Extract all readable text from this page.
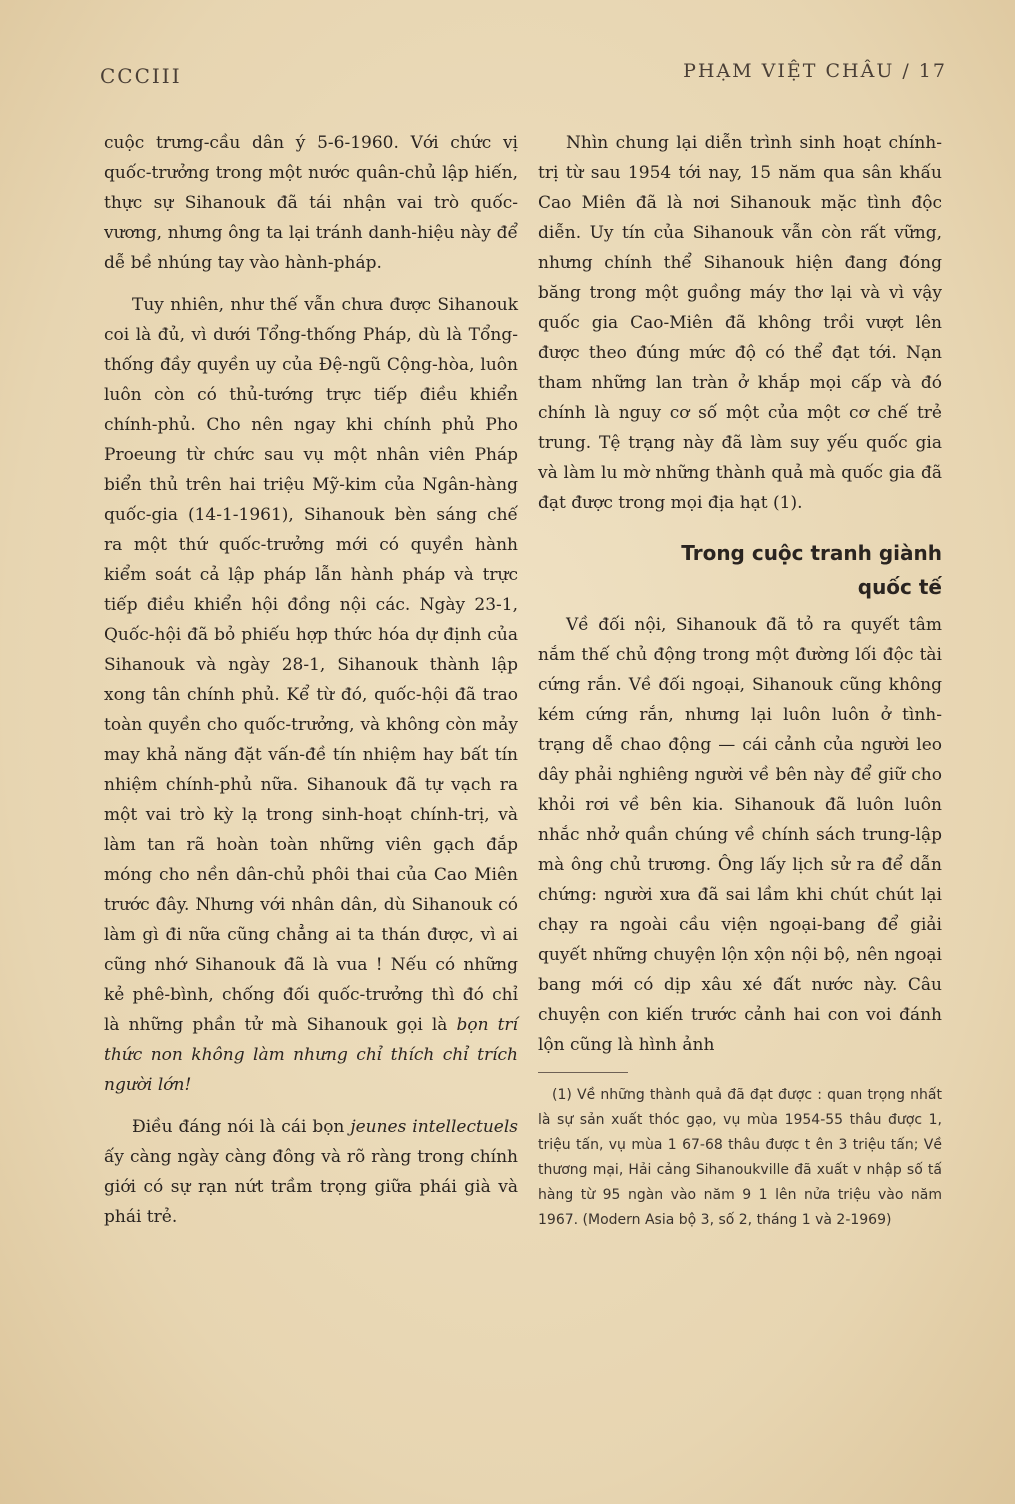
CCCIII	PHẠM VIỆT CHÂU / 17

cuộc trưng-cầu dân ý 5-6-1960. Với chức vị quốc-trưởng trong một nước quân-chủ lập hiến, thực sự Sihanouk đã tái nhận vai trò quốc-vương, nhưng ông ta lại tránh danh-hiệu này để dễ bề nhúng tay vào hành-pháp.

Tuy nhiên, như thế vẫn chưa được Sihanouk coi là đủ, vì dưới Tổng-thống Pháp, dù là Tổng-thống đầy quyền uy của Đệ-ngũ Cộng-hòa, luôn luôn còn có thủ-tướng trực tiếp điều khiển chính-phủ. Cho nên ngay khi chính phủ Pho Proeung từ chức sau vụ một nhân viên Pháp biển thủ trên hai triệu Mỹ-kim của Ngân-hàng quốc-gia (14-1-1961), Sihanouk bèn sáng chế ra một thứ quốc-trưởng mới có quyền hành kiểm soát cả lập pháp lẫn hành pháp và trực tiếp điều khiển hội đồng nội các. Ngày 23-1, Quốc-hội đã bỏ phiếu hợp thức hóa dự định của Sihanouk và ngày 28-1, Sihanouk thành lập xong tân chính phủ. Kể từ đó, quốc-hội đã trao toàn quyền cho quốc-trưởng, và không còn mảy may khả năng đặt vấn-đề tín nhiệm hay bất tín nhiệm chính-phủ nữa. Sihanouk đã tự vạch ra một vai trò kỳ lạ trong sinh-hoạt chính-trị, và làm tan rã hoàn toàn những viên gạch đắp móng cho nền dân-chủ phôi thai của Cao Miên trước đây. Nhưng với nhân dân, dù Sihanouk có làm gì đi nữa cũng chẳng ai ta thán được, vì ai cũng nhớ Sihanouk đã là vua ! Nếu có những kẻ phê-bình, chống đối quốc-trưởng thì đó chỉ là những phần tử mà Sihanouk gọi là bọn trí thức non không làm nhưng chỉ thích chỉ trích người lớn!

Điều đáng nói là cái bọn jeunes intellectuels ấy càng ngày càng đông và rõ ràng trong chính giới có sự rạn nứt trầm trọng giữa phái già và phái trẻ.

Nhìn chung lại diễn trình sinh hoạt chính-trị từ sau 1954 tới nay, 15 năm qua sân khấu Cao Miên đã là nơi Sihanouk mặc tình độc diễn. Uy tín của Sihanouk vẫn còn rất vững, nhưng chính thể Sihanouk hiện đang đóng băng trong một guồng máy thơ lại và vì vậy quốc gia Cao-Miên đã không trồi vượt lên được theo đúng mức độ có thể đạt tới. Nạn tham những lan tràn ở khắp mọi cấp và đó chính là nguy cơ số một của một cơ chế trẻ trung. Tệ trạng này đã làm suy yếu quốc gia và làm lu mờ những thành quả mà quốc gia đã đạt được trong mọi địa hạt (1).

Trong cuộc tranh giành
quốc tế

Về đối nội, Sihanouk đã tỏ ra quyết tâm nắm thế chủ động trong một đường lối độc tài cứng rắn. Về đối ngoại, Sihanouk cũng không kém cứng rắn, nhưng lại luôn luôn ở tình-trạng dễ chao động — cái cảnh của người leo dây phải nghiêng người về bên này để giữ cho khỏi rơi về bên kia. Sihanouk đã luôn luôn nhắc nhở quần chúng về chính sách trung-lập mà ông chủ trương. Ông lấy lịch sử ra để dẫn chứng: người xưa đã sai lầm khi chút chút lại chạy ra ngoài cầu viện ngoại-bang để giải quyết những chuyện lộn xộn nội bộ, nên ngoại bang mới có dịp xâu xé đất nước này. Câu chuyện con kiến trước cảnh hai con voi đánh lộn cũng là hình ảnh

(1) Về những thành quả đã đạt được : quan trọng nhất là sự sản xuất thóc gạo, vụ mùa 1954-55 thâu được 1, triệu tấn, vụ mùa 1 67-68 thâu được t ên 3 triệu tấn; Về thương mại, Hải cảng Sihanoukville đã xuất v nhập số tấ hàng từ 95 ngàn vào năm 9 1 lên nửa triệu vào năm 1967. (Modern Asia bộ 3, số 2, tháng 1 và 2-1969)
